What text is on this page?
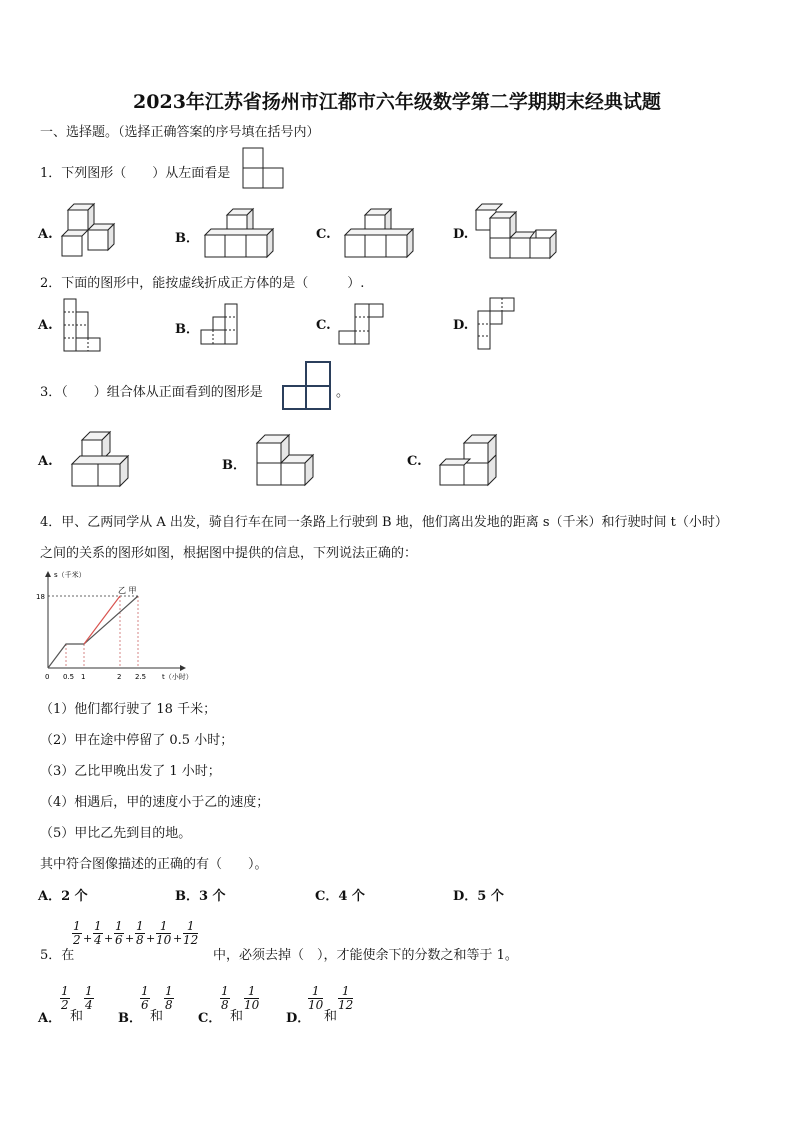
2023年江苏省扬州市江都市六年级数学第二学期期末经典试题
一、选择题。（选择正确答案的序号填在括号内）
1．下列图形（　　）从左面看是
A.	B．	C.	D.
2．下面的图形中，能按虚线折成正方体的是（　　　）.
A.	B．	C.	D.
3．（　　）组合体从正面看到的图形是	。
A.	B．	C.
4．甲、乙两同学从 A 出发，骑自行车在同一条路上行驶到 B 地，他们离出发地的距离 s（千米）和行驶时间 t（小时）
之间的关系的图形如图，根据图中提供的信息，下列说法正确的：
s（千米）
t（小时）
乙 甲
0 0.5 1	2 2.5
18
（1）他们都行驶了 18 千米；
（2）甲在途中停留了 0.5 小时；
（3）乙比甲晚出发了 1 小时；
（4）相遇后，甲的速度小于乙的速度；
（5）甲比乙先到目的地。
其中符合图像描述的正确的有（　　）。
A．2 个	B．3 个	C．4 个	D．5 个
5．在
$\frac{1}{2} + \frac{1}{4} + \frac{1}{6} + \frac{1}{8} + \frac{1}{10} + \frac{1}{12}$
中，必须去掉（　），才能使余下的分数之和等于 1。
A．
$\frac{1}{2}$
和
$\frac{1}{4}$
B．
$\frac{1}{6}$
和
$\frac{1}{8}$
C．
$\frac{1}{8}$
和
$\frac{1}{10}$
D．
$\frac{1}{10}$
和
$\frac{1}{12}$
